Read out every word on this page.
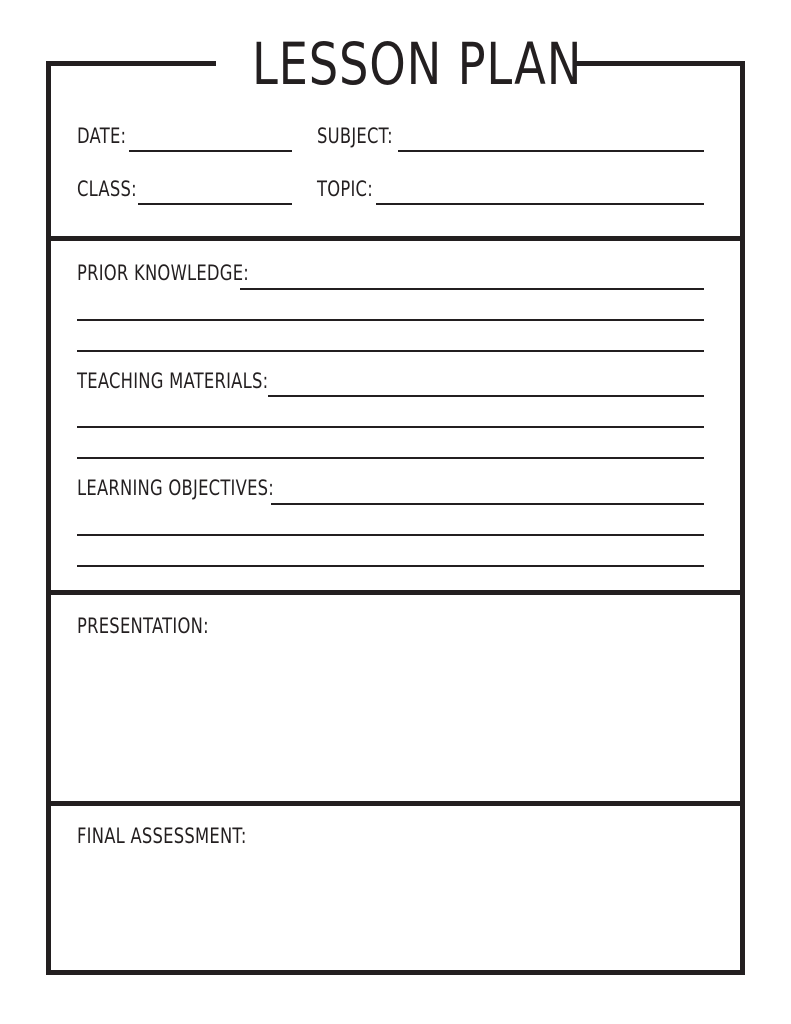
LESSON PLAN
DATE:	SUBJECT:
CLASS:	TOPIC:
PRIOR KNOWLEDGE:
TEACHING MATERIALS:
LEARNING OBJECTIVES:
PRESENTATION:
FINAL ASSESSMENT:
